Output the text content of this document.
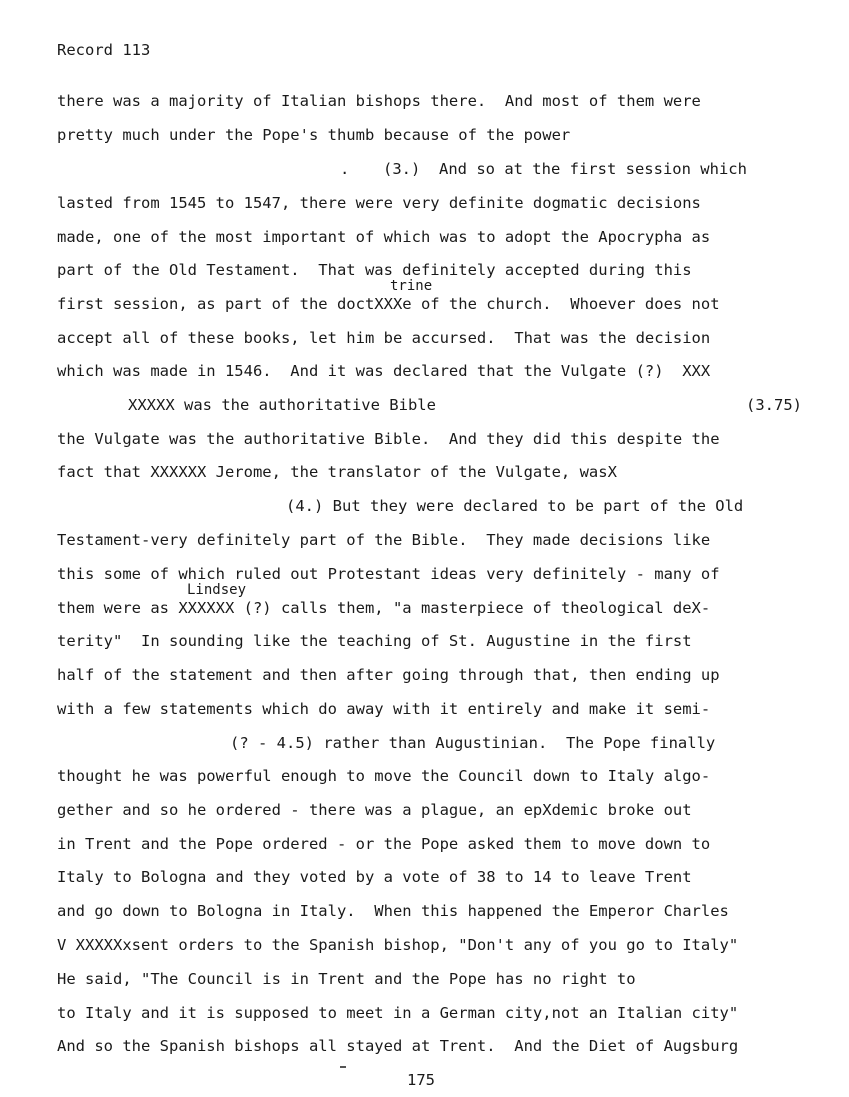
Record 113
there was a majority of Italian bishops there.  And most of them were
pretty much under the Pope's thumb because of the power
. (3.)  And so at the first session which
lasted from 1545 to 1547, there were very definite dogmatic decisions
made, one of the most important of which was to adopt the Apocrypha as
part of the Old Testament.  That was definitely accepted during this
trine
first session, as part of the doctXXXe of the church.  Whoever does not
accept all of these books, let him be accursed.  That was the decision
which was made in 1546.  And it was declared that the Vulgate (?)  XXX
XXXXX was the authoritative Bible	(3.75)
the Vulgate was the authoritative Bible.  And they did this despite the
fact that XXXXXX Jerome, the translator of the Vulgate, wasX
(4.) But they were declared to be part of the Old
Testament-very definitely part of the Bible.  They made decisions like
this some of which ruled out Protestant ideas very definitely - many of
Lindsey
them were as XXXXXX (?) calls them, "a masterpiece of theological deX-
terity"  In sounding like the teaching of St. Augustine in the first
half of the statement and then after going through that, then ending up
with a few statements which do away with it entirely and make it semi-
(? - 4.5) rather than Augustinian.  The Pope finally
thought he was powerful enough to move the Council down to Italy algo-
gether and so he ordered - there was a plague, an epXdemic broke out
in Trent and the Pope ordered - or the Pope asked them to move down to
Italy to Bologna and they voted by a vote of 38 to 14 to leave Trent
and go down to Bologna in Italy.  When this happened the Emperor Charles
V XXXXXxsent orders to the Spanish bishop, "Don't any of you go to Italy"
He said, "The Council is in Trent and the Pope has no right to
to Italy and it is supposed to meet in a German city,not an Italian city"
And so the Spanish bishops all stayed at Trent.  And the Diet of Augsburg
175
